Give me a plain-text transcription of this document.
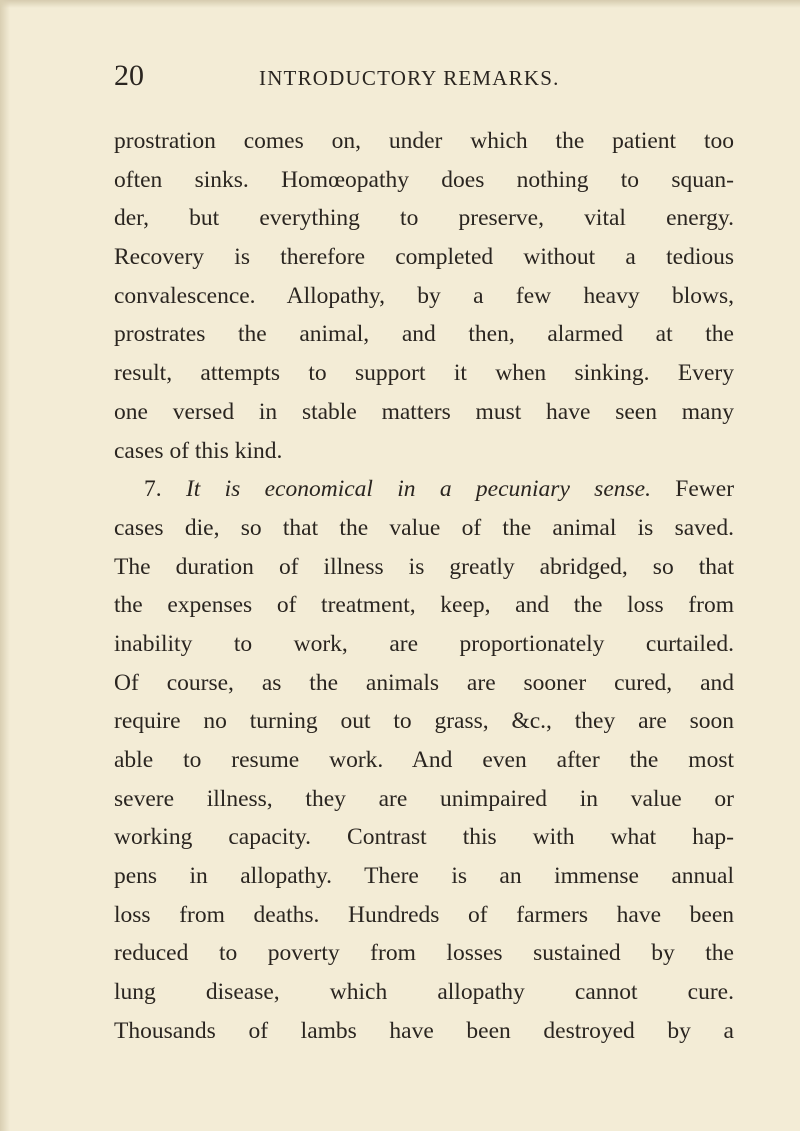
20	INTRODUCTORY REMARKS.
prostration comes on, under which the patient too
often sinks. Homœopathy does nothing to squan-
der, but everything to preserve, vital energy.
Recovery is therefore completed without a tedious
convalescence. Allopathy, by a few heavy blows,
prostrates the animal, and then, alarmed at the
result, attempts to support it when sinking. Every
one versed in stable matters must have seen many
cases of this kind.
7. It is economical in a pecuniary sense. Fewer
cases die, so that the value of the animal is saved.
The duration of illness is greatly abridged, so that
the expenses of treatment, keep, and the loss from
inability to work, are proportionately curtailed.
Of course, as the animals are sooner cured, and
require no turning out to grass, &c., they are soon
able to resume work. And even after the most
severe illness, they are unimpaired in value or
working capacity. Contrast this with what hap-
pens in allopathy. There is an immense annual
loss from deaths. Hundreds of farmers have been
reduced to poverty from losses sustained by the
lung disease, which allopathy cannot cure.
Thousands of lambs have been destroyed by a
